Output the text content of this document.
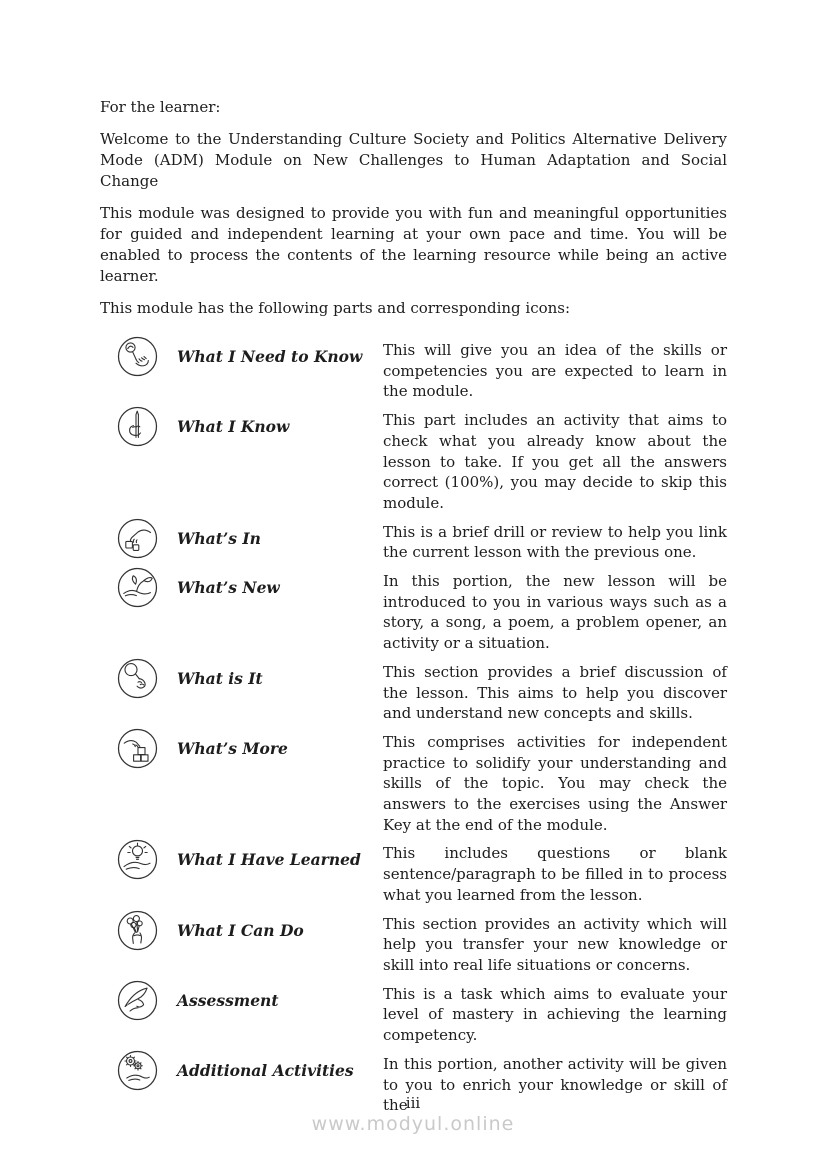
For the learner:

Welcome to the Understanding Culture Society and Politics Alternative Delivery Mode (ADM) Module on New Challenges to Human Adaptation and Social Change

This module was designed to provide you with fun and meaningful opportunities for guided and independent learning at your own pace and time. You will be enabled to process the contents of the learning resource while being an active learner.

This module has the following parts and corresponding icons:

What I Need to Know	This will give you an idea of the skills or competencies you are expected to learn in the module.
What I Know	This part includes an activity that aims to check what you already know about the lesson to take. If you get all the answers correct (100%), you may decide to skip this module.
What’s In	This is a brief drill or review to help you link the current lesson with the previous one.
What’s New	In this portion, the new lesson will be introduced to you in various ways such as a story, a song, a poem, a problem opener, an activity or a situation.
What is It	This section provides a brief discussion of the lesson. This aims to help you discover and understand new concepts and skills.
What’s More	This comprises activities for independent practice to solidify your understanding and skills of the topic. You may check the answers to the exercises using the Answer Key at the end of the module.
What I Have Learned	This includes questions or blank sentence/paragraph to be filled in to process what you learned from the lesson.
What I Can Do	This section provides an activity which will help you transfer your new knowledge or skill into real life situations or concerns.
Assessment	This is a task which aims to evaluate your level of mastery in achieving the learning competency.
Additional Activities	In this portion, another activity will be given to you to enrich your knowledge or skill of the
iii
www.modyul.online
